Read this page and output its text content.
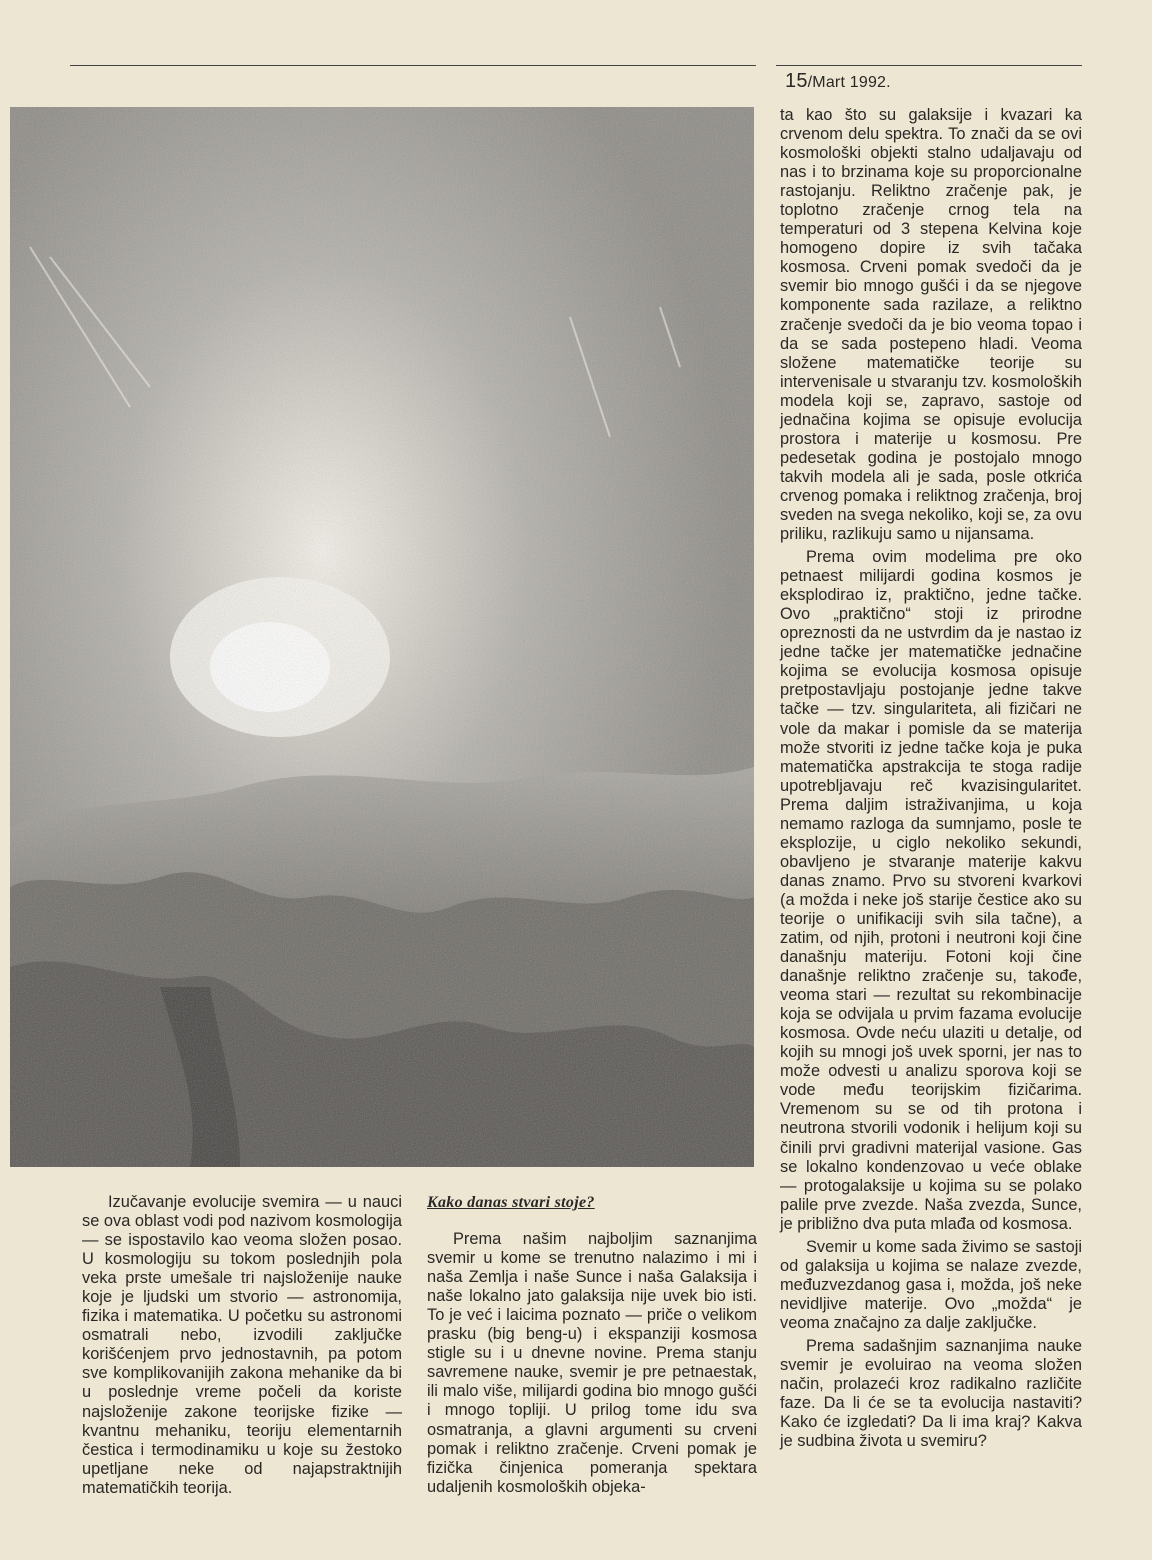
15/Mart 1992.

Izučavanje evolucije svemira — u nauci se ova oblast vodi pod nazivom kosmologija — se ispostavilo kao veoma složen posao. U kosmologiju su tokom poslednjih pola veka prste umešale tri najsloženije nauke koje je ljudski um stvorio — astronomija, fizika i matematika. U početku su astronomi osmatrali nebo, izvodili zaključke korišćenjem prvo jednostavnih, pa potom sve komplikovanijih zakona mehanike da bi u poslednje vreme počeli da koriste najsloženije zakone teorijske fizike — kvantnu mehaniku, teoriju elementarnih čestica i termodinamiku u koje su žestoko upetljane neke od najapstraktnijih matematičkih teorija.

Kako danas stvari stoje?

Prema našim najboljim saznanjima svemir u kome se trenutno nalazimo i mi i naša Zemlja i naše Sunce i naša Galaksija i naše lokalno jato galaksija nije uvek bio isti. To je već i laicima poznato — priče o velikom prasku (big beng-u) i ekspanziji kosmosa stigle su i u dnevne novine. Prema stanju savremene nauke, svemir je pre petnaestak, ili malo više, milijardi godina bio mnogo gušći i mnogo topliji. U prilog tome idu sva osmatranja, a glavni argumenti su crveni pomak i reliktno zračenje. Crveni pomak je fizička činjenica pomeranja spektara udaljenih kosmoloških objeka-

ta kao što su galaksije i kvazari ka crvenom delu spektra. To znači da se ovi kosmološki objekti stalno udaljavaju od nas i to brzinama koje su proporcionalne rastojanju. Reliktno zračenje pak, je toplotno zračenje crnog tela na temperaturi od 3 stepena Kelvina koje homogeno dopire iz svih tačaka kosmosa. Crveni pomak svedoči da je svemir bio mnogo gušći i da se njegove komponente sada razilaze, a reliktno zračenje svedoči da je bio veoma topao i da se sada postepeno hladi. Veoma složene matematičke teorije su intervenisale u stvaranju tzv. kosmoloških modela koji se, zapravo, sastoje od jednačina kojima se opisuje evolucija prostora i materije u kosmosu. Pre pedesetak godina je postojalo mnogo takvih modela ali je sada, posle otkrića crvenog pomaka i reliktnog zračenja, broj sveden na svega nekoliko, koji se, za ovu priliku, razlikuju samo u nijansama.

Prema ovim modelima pre oko petnaest milijardi godina kosmos je eksplodirao iz, praktično, jedne tačke. Ovo „praktično“ stoji iz prirodne opreznosti da ne ustvrdim da je nastao iz jedne tačke jer matematičke jednačine kojima se evolucija kosmosa opisuje pretpostavljaju postojanje jedne takve tačke — tzv. singulariteta, ali fizičari ne vole da makar i pomisle da se materija može stvoriti iz jedne tačke koja je puka matematička apstrakcija te stoga radije upotrebljavaju reč kvazisingularitet. Prema daljim istraživanjima, u koja nemamo razloga da sumnjamo, posle te eksplozije, u ciglo nekoliko sekundi, obavljeno je stvaranje materije kakvu danas znamo. Prvo su stvoreni kvarkovi (a možda i neke još starije čestice ako su teorije o unifikaciji svih sila tačne), a zatim, od njih, protoni i neutroni koji čine današnju materiju. Fotoni koji čine današnje reliktno zračenje su, takođe, veoma stari — rezultat su rekombinacije koja se odvijala u prvim fazama evolucije kosmosa. Ovde neću ulaziti u detalje, od kojih su mnogi još uvek sporni, jer nas to može odvesti u analizu sporova koji se vode među teorijskim fizičarima. Vremenom su se od tih protona i neutrona stvorili vodonik i helijum koji su činili prvi gradivni materijal vasione. Gas se lokalno kondenzovao u veće oblake — protogalaksije u kojima su se polako palile prve zvezde. Naša zvezda, Sunce, je približno dva puta mlađa od kosmosa.

Svemir u kome sada živimo se sastoji od galaksija u kojima se nalaze zvezde, međuzvezdanog gasa i, možda, još neke nevidljive materije. Ovo „možda“ je veoma značajno za dalje zaključke.

Prema sadašnjim saznanjima nauke svemir je evoluirao na veoma složen način, prolazeći kroz radikalno različite faze. Da li će se ta evolucija nastaviti? Kako će izgledati? Da li ima kraj? Kakva je sudbina života u svemiru?
